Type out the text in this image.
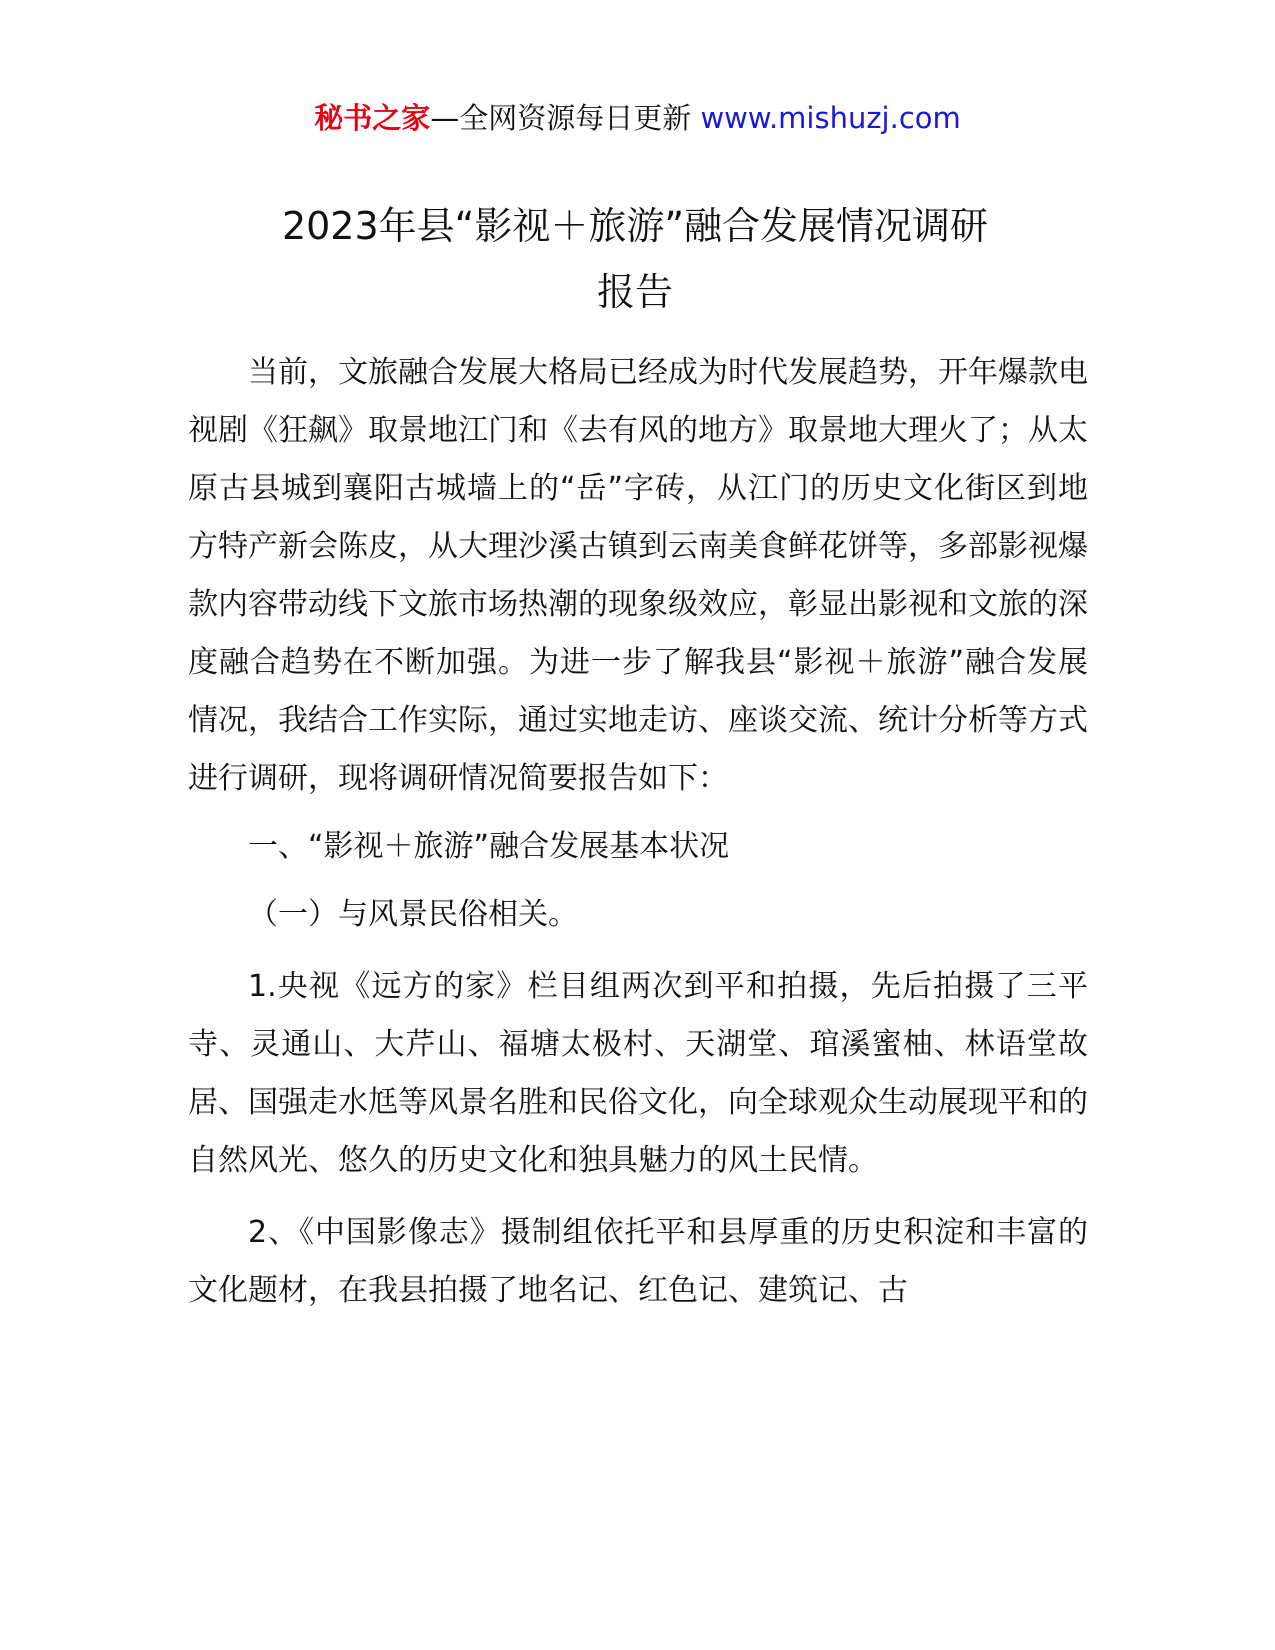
秘书之家—全网资源每日更新 www.mishuzj.com
2023年县“影视＋旅游”融合发展情况调研
报告

当前，文旅融合发展大格局已经成为时代发展趋势，开年爆款电视剧《狂飙》取景地江门和《去有风的地方》取景地大理火了；从太原古县城到襄阳古城墙上的“岳”字砖，从江门的历史文化街区到地方特产新会陈皮，从大理沙溪古镇到云南美食鲜花饼等，多部影视爆款内容带动线下文旅市场热潮的现象级效应，彰显出影视和文旅的深度融合趋势在不断加强。为进一步了解我县“影视＋旅游”融合发展情况，我结合工作实际，通过实地走访、座谈交流、统计分析等方式进行调研，现将调研情况简要报告如下：

一、“影视＋旅游”融合发展基本状况

（一）与风景民俗相关。

1.央视《远方的家》栏目组两次到平和拍摄，先后拍摄了三平寺、灵通山、大芹山、福塘太极村、天湖堂、琯溪蜜柚、林语堂故居、国强走水尪等风景名胜和民俗文化，向全球观众生动展现平和的自然风光、悠久的历史文化和独具魅力的风土民情。

2、《中国影像志》摄制组依托平和县厚重的历史积淀和丰富的文化题材，在我县拍摄了地名记、红色记、建筑记、古
